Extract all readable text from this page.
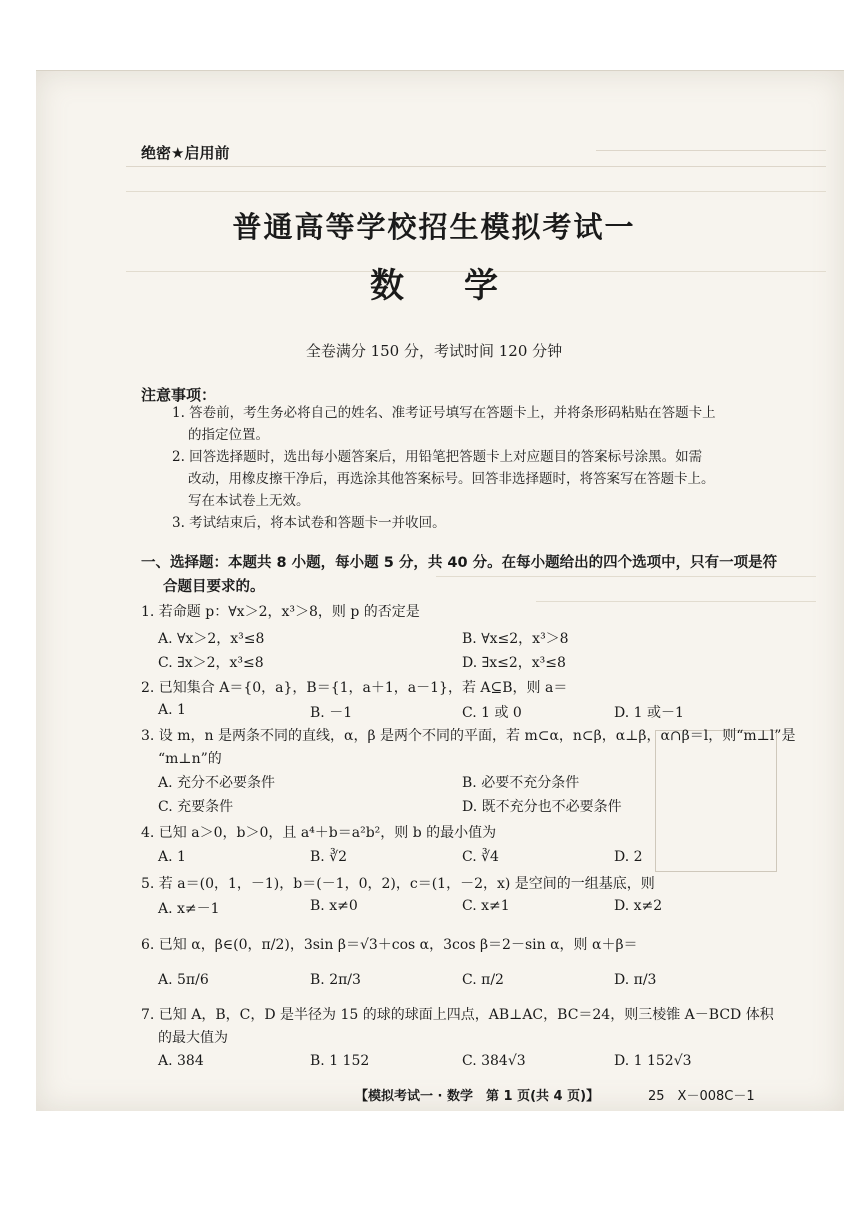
绝密★启用前
普通高等学校招生模拟考试一
数学
全卷满分 150 分，考试时间 120 分钟
注意事项：
1. 答卷前，考生务必将自己的姓名、准考证号填写在答题卡上，并将条形码粘贴在答题卡上
的指定位置。
2. 回答选择题时，选出每小题答案后，用铅笔把答题卡上对应题目的答案标号涂黑。如需
改动，用橡皮擦干净后，再选涂其他答案标号。回答非选择题时，将答案写在答题卡上。
写在本试卷上无效。
3. 考试结束后，将本试卷和答题卡一并收回。
一、选择题：本题共 8 小题，每小题 5 分，共 40 分。在每小题给出的四个选项中，只有一项是符
合题目要求的。
1. 若命题 p：∀x＞2，x³＞8，则 p 的否定是
A. ∀x＞2，x³≤8	B. ∀x≤2，x³＞8
C. ∃x＞2，x³≤8	D. ∃x≤2，x³≤8
2. 已知集合 A＝{0，a}，B＝{1，a＋1，a－1}，若 A⊆B，则 a＝
A. 1	B. －1	C. 1 或 0	D. 1 或－1
3. 设 m，n 是两条不同的直线，α，β 是两个不同的平面，若 m⊂α，n⊂β，α⊥β，α∩β＝l，则“m⊥l”是
“m⊥n”的
A. 充分不必要条件	B. 必要不充分条件
C. 充要条件	D. 既不充分也不必要条件
4. 已知 a＞0，b＞0，且 a⁴＋b＝a²b²，则 b 的最小值为
A. 1	B. ∛2	C. ∛4	D. 2
5. 若 a＝(0，1，－1)，b＝(－1，0，2)，c＝(1，－2，x) 是空间的一组基底，则
A. x≠－1	B. x≠0	C. x≠1	D. x≠2
6. 已知 α，β∈(0，π/2)，3sin β＝√3＋cos α，3cos β＝2－sin α，则 α＋β＝
A. 5π/6	B. 2π/3	C. π/2	D. π/3
7. 已知 A，B，C，D 是半径为 15 的球的球面上四点，AB⊥AC，BC＝24，则三棱锥 A－BCD 体积
的最大值为
A. 384	B. 1 152	C. 384√3	D. 1 152√3
【模拟考试一 · 数学　第 1 页(共 4 页)】	25　X－008C－1
